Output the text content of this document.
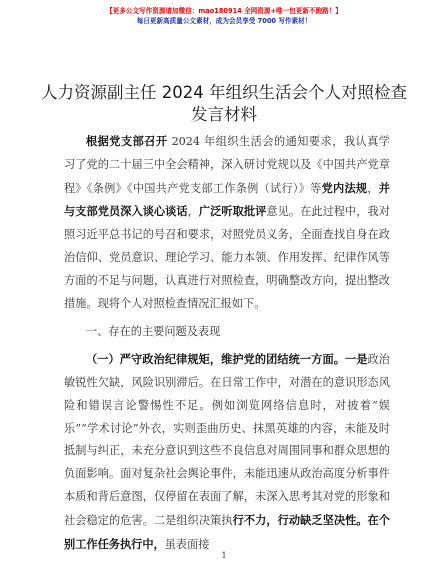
【更多公文写作资源请加微信：mao180914 全网资源+唯一包更新不跑路！】
每日更新高质量公文素材，成为会员享受 7000 写作素材！
人力资源副主任 2024 年组织生活会个人对照检查发言材料

根据党支部召开 2024 年组织生活会的通知要求，我认真学习了党的二十届三中全会精神，深入研讨党规以及《中国共产党章程》《条例》《中国共产党支部工作条例（试行）》等党内法规，并与支部党员深入谈心谈话，广泛听取批评意见。在此过程中，我对照习近平总书记的号召和要求，对照党员义务，全面查找自身在政治信仰、党员意识、理论学习、能力本领、作用发挥、纪律作风等方面的不足与问题，认真进行对照检查，明确整改方向，提出整改措施。现将个人对照检查情况汇报如下。

一、存在的主要问题及表现

（一）严守政治纪律规矩，维护党的团结统一方面。一是政治敏锐性欠缺，风险识别滞后。在日常工作中，对潜在的意识形态风险和错误言论警惕性不足。例如浏览网络信息时，对披着“娱乐”“学术讨论”外衣，实则歪曲历史、抹黑英雄的内容，未能及时抵制与纠正，未充分意识到这些不良信息对周围同事和群众思想的负面影响。面对复杂社会舆论事件，未能迅速从政治高度分析事件本质和背后意图，仅停留在表面了解，未深入思考其对党的形象和社会稳定的危害。二是组织决策执行不力，行动缺乏坚决性。在个别工作任务执行中，虽表面接

1
